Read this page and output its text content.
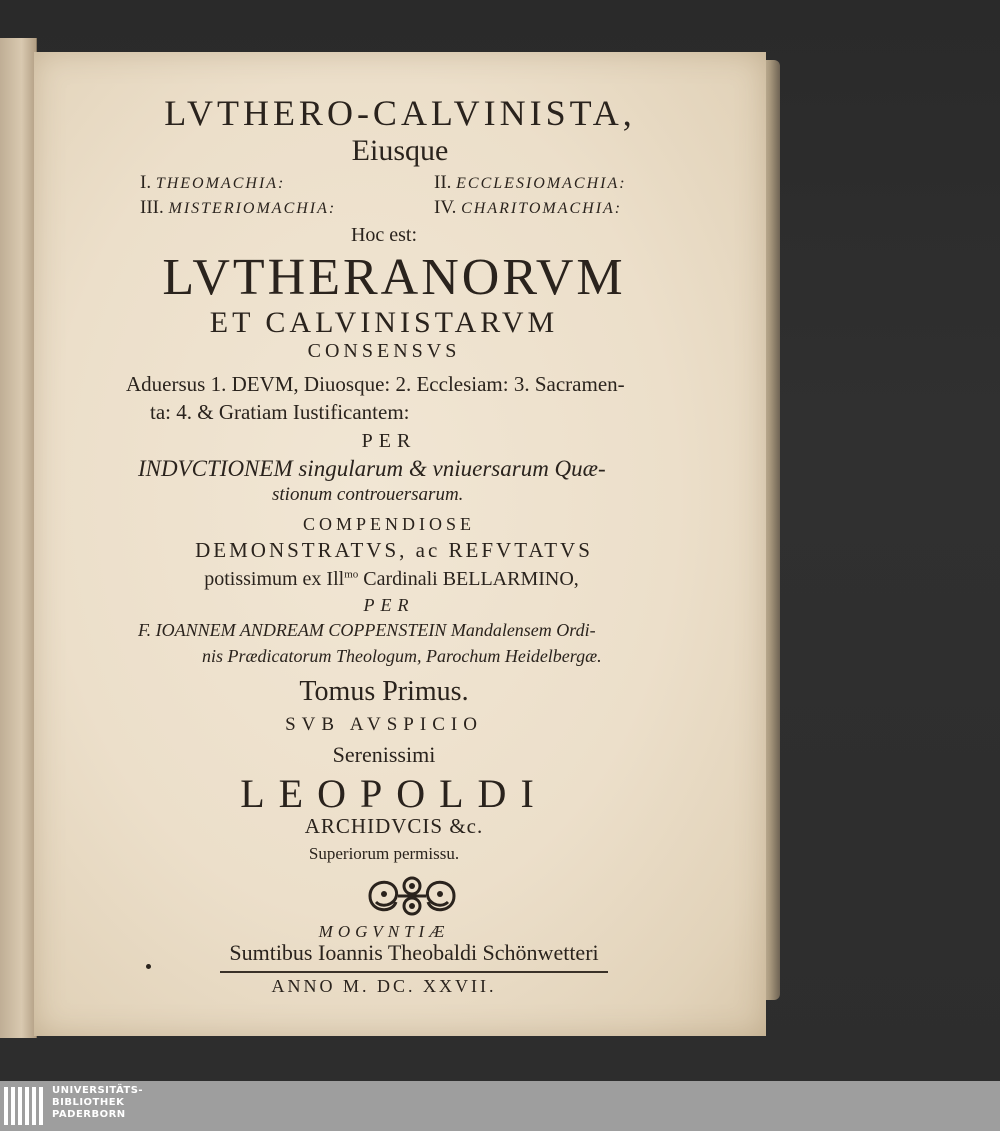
LVTHERO-CALVINISTA,
Eiusque
I. THEOMACHIA:	II. ECCLESIOMACHIA:
III. MISTERIOMACHIA:	IV. CHARITOMACHIA:
Hoc est:
LVTHERANORVM
ET CALVINISTARVM
CONSENSVS
Aduersus 1. DEVM, Diuosque: 2. Ecclesiam: 3. Sacramen-
ta: 4. & Gratiam Iustificantem:
PER
INDVCTIONEM singularum & vniuersarum Quæ-
stionum controuersarum.
COMPENDIOSE
DEMONSTRATVS, ac REFVTATVS
potissimum ex Ill$^{mo}$ Cardinali BELLARMINO,
PER
F. IOANNEM ANDREAM COPPENSTEIN Mandalensem Ordi-
nis Prædicatorum Theologum, Parochum Heidelbergæ.
Tomus Primus.
SVB AVSPICIO
Serenissimi
LEOPOLDI
ARCHIDVCIS &c.
Superiorum permissu.
MOGVNTIÆ
Sumtibus Ioannis Theobaldi Schönwetteri
ANNO M. DC. XXVII.
UNIVERSITÄTS-
BIBLIOTHEK
PADERBORN
